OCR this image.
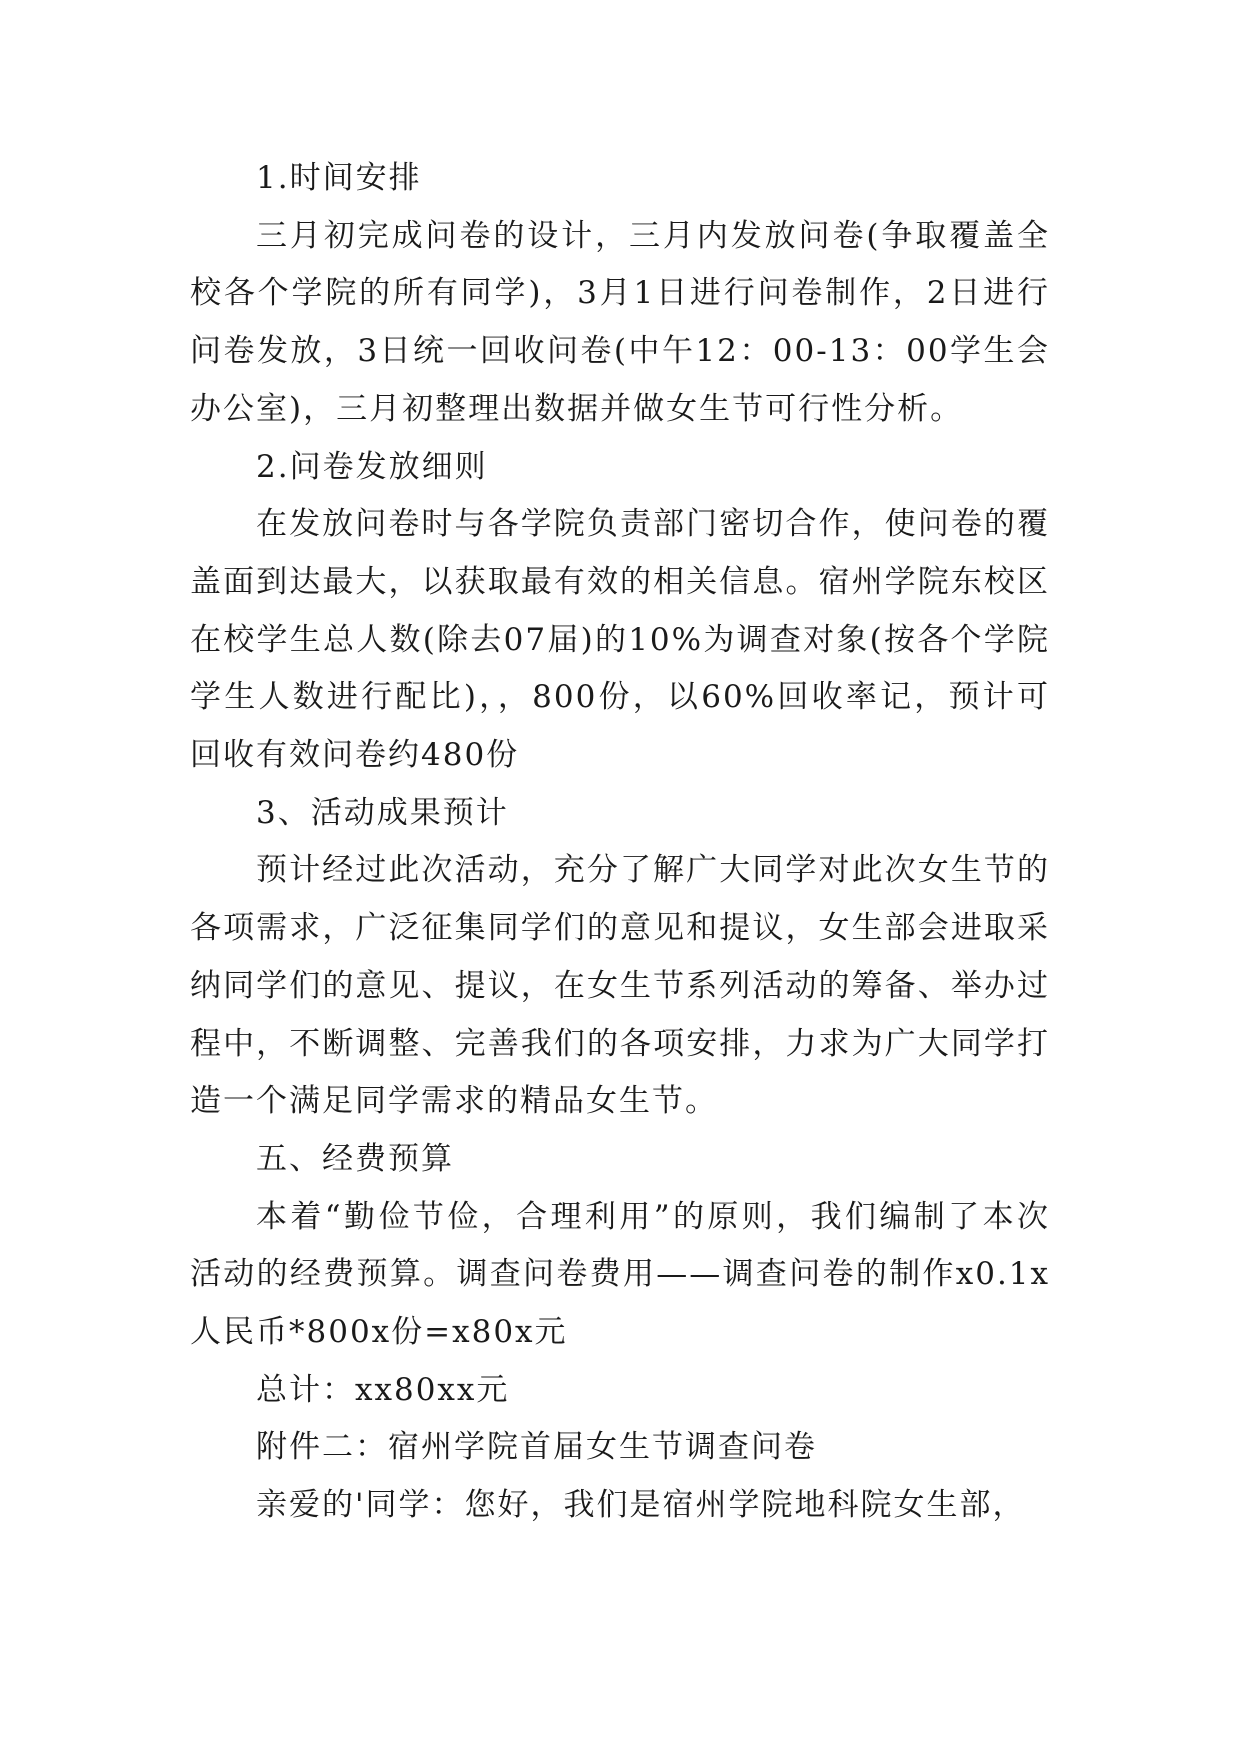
1.时间安排

三月初完成问卷的设计，三月内发放问卷(争取覆盖全校各个学院的所有同学)，3月1日进行问卷制作，2日进行问卷发放，3日统一回收问卷(中午12：00-13：00学生会办公室)，三月初整理出数据并做女生节可行性分析。

2.问卷发放细则

在发放问卷时与各学院负责部门密切合作，使问卷的覆盖面到达最大，以获取最有效的相关信息。宿州学院东校区在校学生总人数(除去07届)的10%为调查对象(按各个学院学生人数进行配比)，，800份，以60%回收率记，预计可回收有效问卷约480份

3、活动成果预计

预计经过此次活动，充分了解广大同学对此次女生节的各项需求，广泛征集同学们的意见和提议，女生部会进取采纳同学们的意见、提议，在女生节系列活动的筹备、举办过程中，不断调整、完善我们的各项安排，力求为广大同学打造一个满足同学需求的精品女生节。

五、经费预算

本着“勤俭节俭，合理利用”的原则，我们编制了本次活动的经费预算。调查问卷费用——调查问卷的制作x0.1x人民币*800x份=x80x元

总计：xx80xx元

附件二：宿州学院首届女生节调查问卷

亲爱的'同学：您好，我们是宿州学院地科院女生部，
